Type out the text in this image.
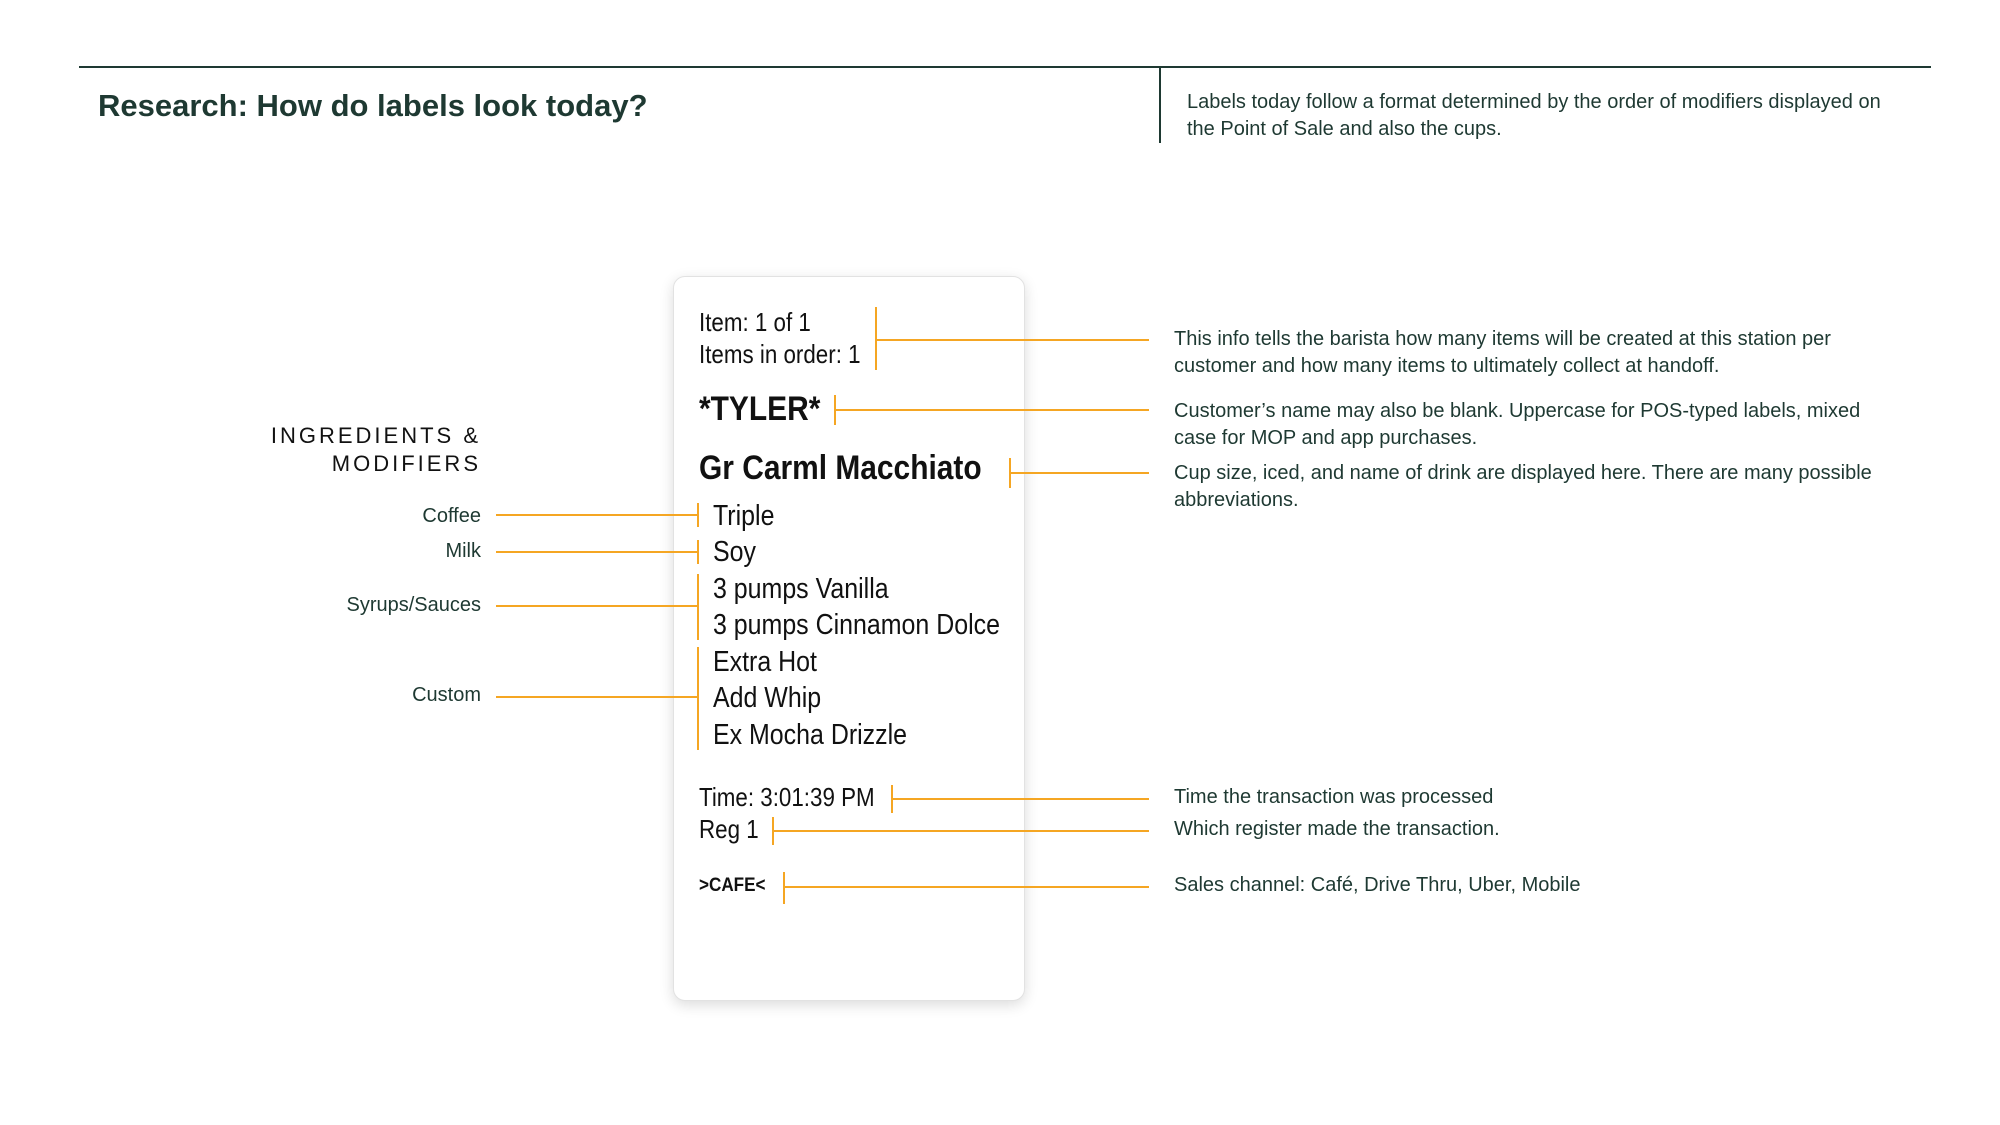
Research: How do labels look today?	Labels today follow a format determined by the order of modifiers displayed on the Point of Sale and also the cups.
Item: 1 of 1
Items in order: 1
*TYLER*
Gr Carml Macchiato
Triple
Soy
3 pumps Vanilla
3 pumps Cinnamon Dolce
Extra Hot
Add Whip
Ex Mocha Drizzle
Time: 3:01:39 PM
Reg 1
>CAFE<
INGREDIENTS &
MODIFIERS
Coffee
Milk
Syrups/Sauces
Custom
This info tells the barista how many items will be created at this station per customer and how many items to ultimately collect at handoff.
Customer’s name may also be blank. Uppercase for POS-typed labels, mixed case for MOP and app purchases.
Cup size, iced, and name of drink are displayed here. There are many possible abbreviations.
Time the transaction was processed
Which register made the transaction.
Sales channel: Café, Drive Thru, Uber, Mobile
